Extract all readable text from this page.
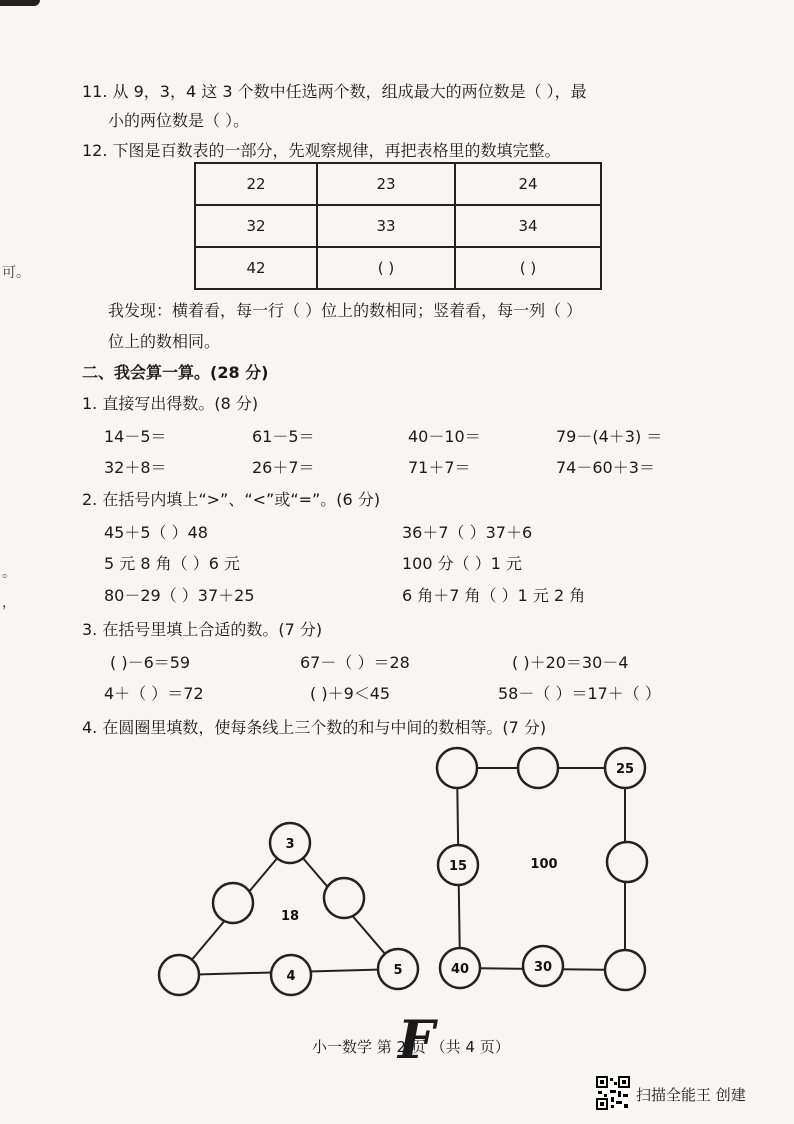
可。
。
，
11. 从 9，3，4 这 3 个数中任选两个数，组成最大的两位数是（ ），最
小的两位数是（ ）。
12. 下图是百数表的一部分，先观察规律，再把表格里的数填完整。
22	23	24
32	33	34
42	( )	( )
我发现：横着看，每一行（ ）位上的数相同；竖着看，每一列（ ）
位上的数相同。
二、我会算一算。(28 分)
1. 直接写出得数。(8 分)
14－5＝	61－5＝	40－10＝	79－(4＋3) ＝
32＋8＝	26＋7＝	71＋7＝	74－60＋3＝
2. 在括号内填上“>”、“<”或“=”。(6 分)
45＋5（ ）48	36＋7（ ）37＋6
5 元 8 角（ ）6 元	100 分（ ）1 元
80－29（ ）37＋25	6 角＋7 角（ ）1 元 2 角
3. 在括号里填上合适的数。(7 分)
( )－6＝59	67－（ ）＝28	( )＋20＝30－4
4＋（ ）＝72	( )＋9＜45	58－（ ）＝17＋（ ）
4. 在圆圈里填数，使每条线上三个数的和与中间的数相等。(7 分)
3
18
4	5
25
15	100
40	30
小一数学 第 2 页 （共 4 页）
F
扫描全能王 创建
